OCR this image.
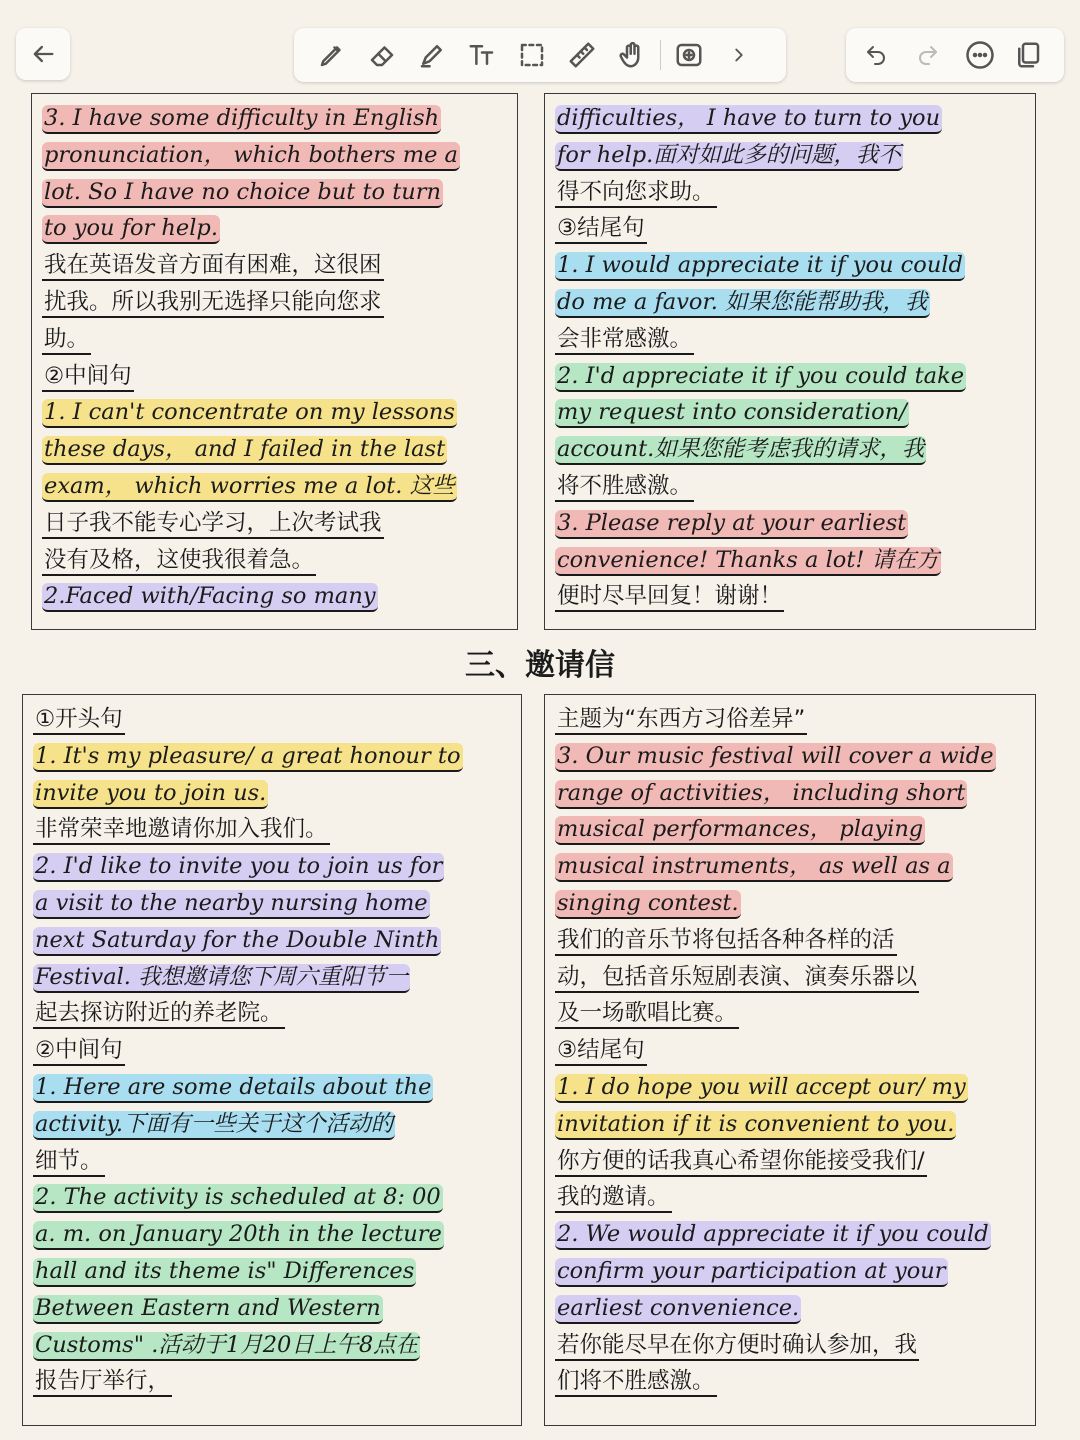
3. I have some difficulty in English
pronunciation， which bothers me a
lot. So I have no choice but to turn
to you for help.
我在英语发音方面有困难，这很困
扰我。所以我别无选择只能向您求
助。
②中间句
1. I can't concentrate on my lessons
these days， and I failed in the last
exam， which worries me a lot. 这些
日子我不能专心学习，上次考试我
没有及格，这使我很着急。
2.Faced with/Facing so many
difficulties， I have to turn to you
for help.面对如此多的问题，我不
得不向您求助。
③结尾句
1. I would appreciate it if you could
do me a favor. 如果您能帮助我，我
会非常感激。
2. I'd appreciate it if you could take
my request into consideration/
account.如果您能考虑我的请求，我
将不胜感激。
3. Please reply at your earliest
convenience! Thanks a lot! 请在方
便时尽早回复！谢谢！
三、邀请信
①开头句
1. It's my pleasure/ a great honour to
invite you to join us.
非常荣幸地邀请你加入我们。
2. I'd like to invite you to join us for
a visit to the nearby nursing home
next Saturday for the Double Ninth
Festival. 我想邀请您下周六重阳节一
起去探访附近的养老院。
②中间句
1. Here are some details about the
activity.下面有一些关于这个活动的
细节。
2. The activity is scheduled at 8: 00
a. m. on January 20th in the lecture
hall and its theme is" Differences
Between Eastern and Western
Customs" .活动于1月20日上午8点在
报告厅举行，
主题为“东西方习俗差异”
3. Our music festival will cover a wide
range of activities， including short
musical performances， playing
musical instruments， as well as a
singing contest.
我们的音乐节将包括各种各样的活
动，包括音乐短剧表演、演奏乐器以
及一场歌唱比赛。
③结尾句
1. I do hope you will accept our/ my
invitation if it is convenient to you.
你方便的话我真心希望你能接受我们/
我的邀请。
2. We would appreciate it if you could
confirm your participation at your
earliest convenience.
若你能尽早在你方便时确认参加，我
们将不胜感激。
